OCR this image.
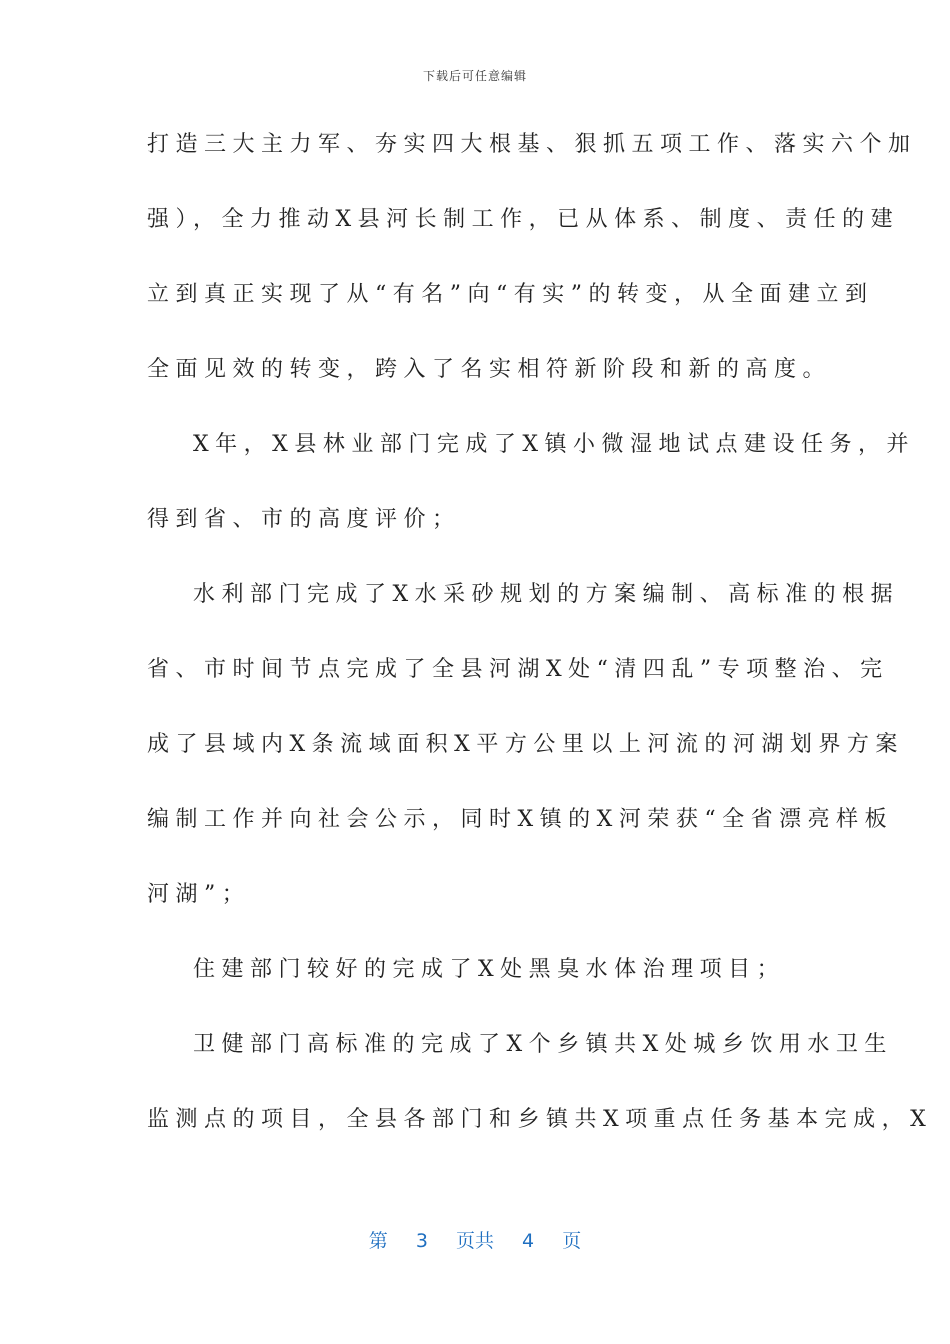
下载后可任意编辑
打造三大主力军、夯实四大根基、狠抓五项工作、落实六个加
强），全力推动X县河长制工作，已从体系、制度、责任的建
立到真正实现了从“有名”向“有实”的转变，从全面建立到
全面见效的转变，跨入了名实相符新阶段和新的高度。
X年，X县林业部门完成了X镇小微湿地试点建设任务，并
得到省、市的高度评价；
水利部门完成了X水采砂规划的方案编制、高标准的根据
省、市时间节点完成了全县河湖X处“清四乱”专项整治、完
成了县域内X条流域面积X平方公里以上河流的河湖划界方案
编制工作并向社会公示，同时X镇的X河荣获“全省漂亮样板
河湖”；
住建部门较好的完成了X处黑臭水体治理项目；
卫健部门高标准的完成了X个乡镇共X处城乡饮用水卫生
监测点的项目，全县各部门和乡镇共X项重点任务基本完成，X
第 3 页共 4 页
